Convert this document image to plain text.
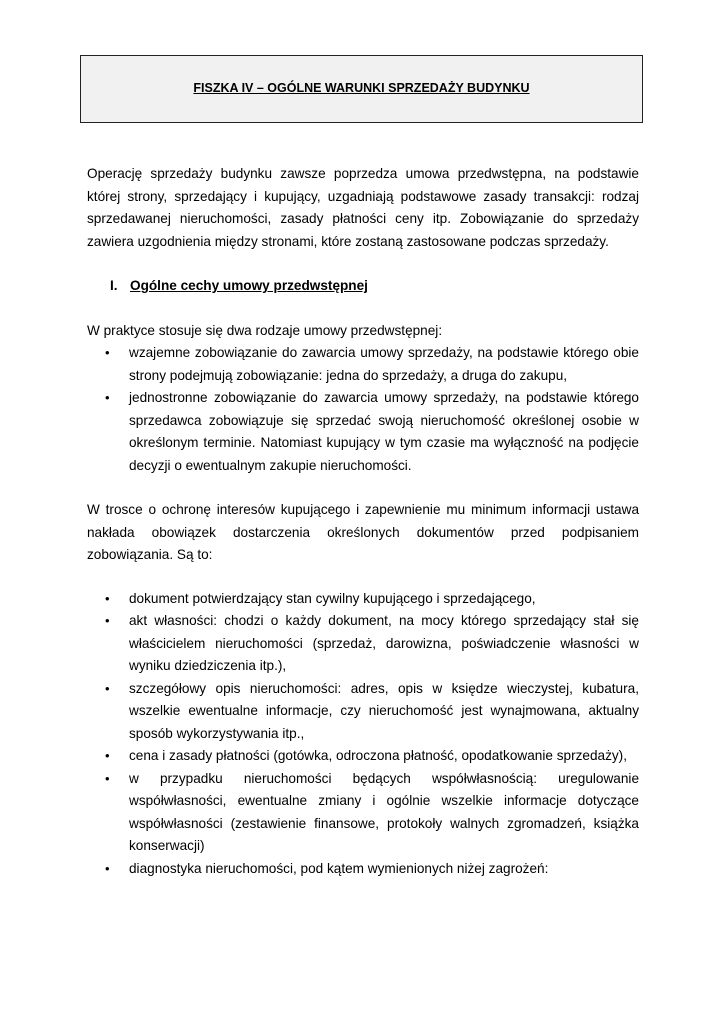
FISZKA IV – OGÓLNE WARUNKI SPRZEDAŻY BUDYNKU

Operację sprzedaży budynku zawsze poprzedza umowa przedwstępna, na podstawie której strony, sprzedający i kupujący, uzgadniają podstawowe zasady transakcji: rodzaj sprzedawanej nieruchomości, zasady płatności ceny itp. Zobowiązanie do sprzedaży zawiera uzgodnienia między stronami, które zostaną zastosowane podczas sprzedaży.

I. Ogólne cechy umowy przedwstępnej

W praktyce stosuje się dwa rodzaje umowy przedwstępnej:

• wzajemne zobowiązanie do zawarcia umowy sprzedaży, na podstawie którego obie strony podejmują zobowiązanie: jedna do sprzedaży, a druga do zakupu,
• jednostronne zobowiązanie do zawarcia umowy sprzedaży, na podstawie którego sprzedawca zobowiązuje się sprzedać swoją nieruchomość określonej osobie w określonym terminie. Natomiast kupujący w tym czasie ma wyłączność na podjęcie decyzji o ewentualnym zakupie nieruchomości.

W trosce o ochronę interesów kupującego i zapewnienie mu minimum informacji ustawa nakłada obowiązek dostarczenia określonych dokumentów przed podpisaniem zobowiązania. Są to:

• dokument potwierdzający stan cywilny kupującego i sprzedającego,
• akt własności: chodzi o każdy dokument, na mocy którego sprzedający stał się właścicielem nieruchomości (sprzedaż, darowizna, poświadczenie własności w wyniku dziedziczenia itp.),
• szczegółowy opis nieruchomości: adres, opis w księdze wieczystej, kubatura, wszelkie ewentualne informacje, czy nieruchomość jest wynajmowana, aktualny sposób wykorzystywania itp.,
• cena i zasady płatności (gotówka, odroczona płatność, opodatkowanie sprzedaży),
• w przypadku nieruchomości będących współwłasnością: uregulowanie współwłasności, ewentualne zmiany i ogólnie wszelkie informacje dotyczące współwłasności (zestawienie finansowe, protokoły walnych zgromadzeń, książka konserwacji)
• diagnostyka nieruchomości, pod kątem wymienionych niżej zagrożeń:
